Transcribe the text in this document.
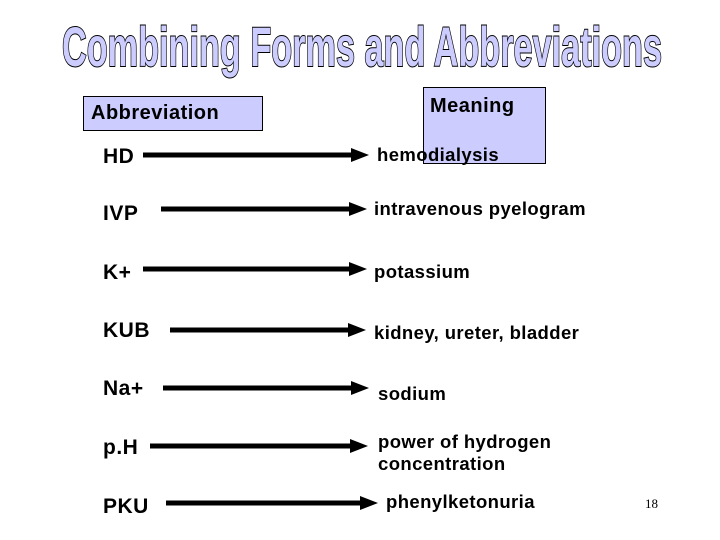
Combining Forms and Abbreviations
Abbreviation	Meaning
HD
IVP
K+
KUB
Na+
p.H
PKU
hemodialysis
intravenous pyelogram
potassium
kidney, ureter, bladder
sodium
power of hydrogen
concentration
phenylketonuria	18
